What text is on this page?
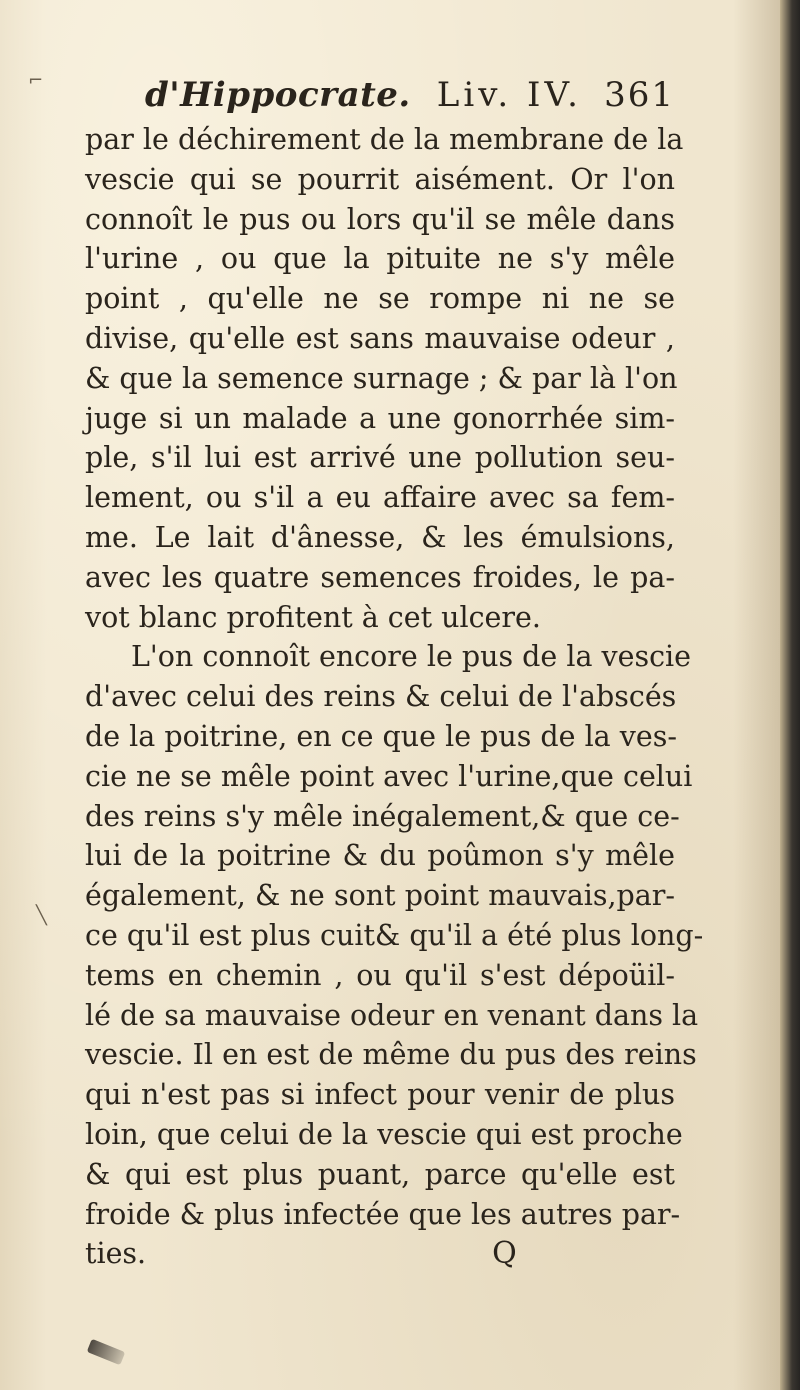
d'Hippocrate. Liv. IV. 361
par le déchirement de la membrane de la
vescie qui se pourrit aisément. Or l'on
connoît le pus ou lors qu'il se mêle dans
l'urine , ou que la pituite ne s'y mêle
point , qu'elle ne se rompe ni ne se
divise, qu'elle est sans mauvaise odeur ,
& que la semence surnage ; & par là l'on
juge si un malade a une gonorrhée sim-
ple, s'il lui est arrivé une pollution seu-
lement, ou s'il a eu affaire avec sa fem-
me. Le lait d'ânesse, & les émulsions,
avec les quatre semences froides, le pa-
vot blanc profitent à cet ulcere.
L'on connoît encore le pus de la vescie
d'avec celui des reins & celui de l'abscés
de la poitrine, en ce que le pus de la ves-
cie ne se mêle point avec l'urine,que celui
des reins s'y mêle inégalement,& que ce-
lui de la poitrine & du poûmon s'y mêle
également, & ne sont point mauvais,par-
ce qu'il est plus cuit& qu'il a été plus long-
tems en chemin , ou qu'il s'est dépoüil-
lé de sa mauvaise odeur en venant dans la
vescie. Il en est de même du pus des reins
qui n'est pas si infect pour venir de plus
loin, que celui de la vescie qui est proche
& qui est plus puant, parce qu'elle est
froide & plus infectée que les autres par-
ties.	Q
⌐
╲
